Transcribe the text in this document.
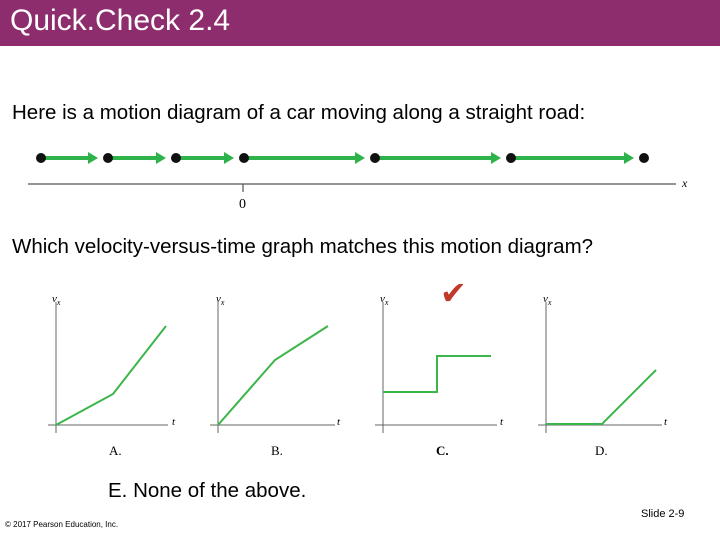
Quick.Check 2.4
Here is a motion diagram of a car moving along a straight road:
x
0
Which velocity-versus-time graph matches this motion diagram?
✔
$v_x$
t
A.
$v_x$
t
B.
$v_x$
t
C.
$v_x$
t
D.
E. None of the above.
© 2017 Pearson Education, Inc.
Slide 2-9
